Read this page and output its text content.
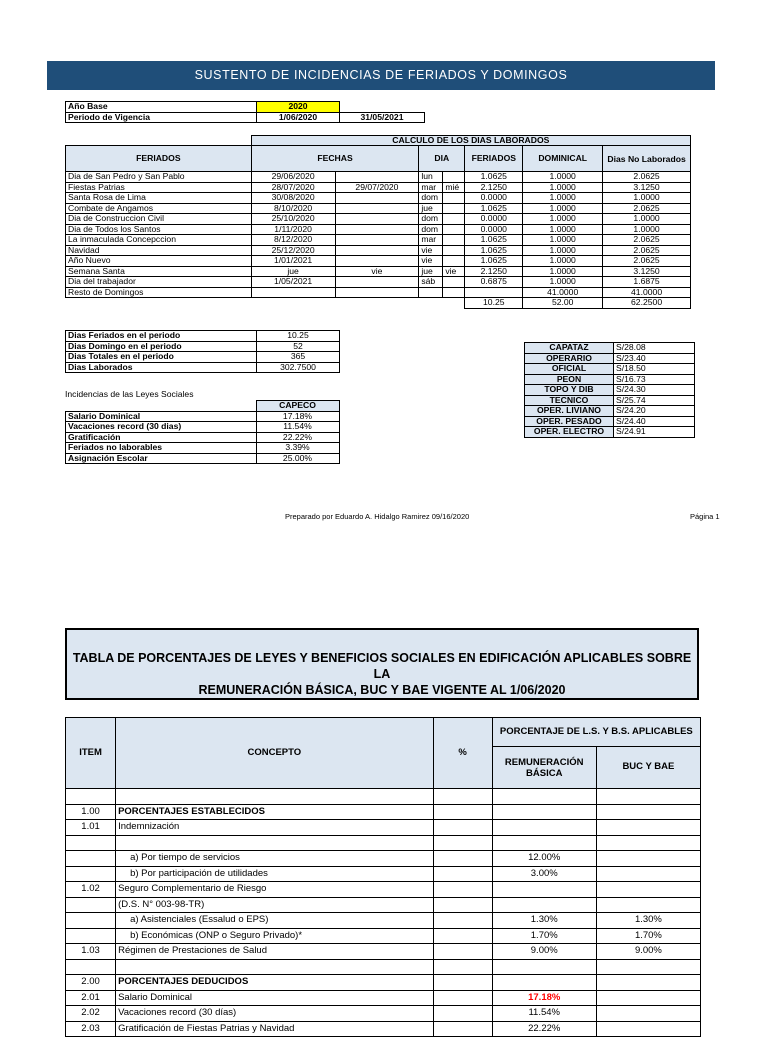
SUSTENTO DE INCIDENCIAS DE FERIADOS Y DOMINGOS
Año Base	2020	
Periodo de Vigencia	1/06/2020	31/05/2021

	CALCULO DE LOS DIAS LABORADOS						
FERIADOS	FECHAS		DIA		FERIADOS	DOMINICAL	Dias No Laborados
Dia de San Pedro y San Pablo	29/06/2020		lun		1.0625	1.0000	2.0625
Fiestas Patrias	28/07/2020	29/07/2020	mar	mié	2.1250	1.0000	3.1250
Santa Rosa de Lima	30/08/2020		dom		0.0000	1.0000	1.0000
Combate de Angamos	8/10/2020		jue		1.0625	1.0000	2.0625
Dia de Construccion Civil	25/10/2020		dom		0.0000	1.0000	1.0000
Dia de Todos los Santos	1/11/2020		dom		0.0000	1.0000	1.0000
La inmaculada Concepccion	8/12/2020		mar		1.0625	1.0000	2.0625
Navidad	25/12/2020		vie		1.0625	1.0000	2.0625
Año Nuevo	1/01/2021		vie		1.0625	1.0000	2.0625
Semana Santa	jue	vie	jue	vie	2.1250	1.0000	3.1250
Dia del trabajador	1/05/2021		sáb		0.6875	1.0000	1.6875
Resto de Domingos						41.0000	41.0000
					10.25	52.00	62.2500
Dias Feriados en el periodo	10.25
Dias Domingo en el periodo	52
Dias Totales en el periodo	365
Dias Laborados	302.7500
Incidencias de las Leyes Sociales
	CAPECO
Salario Dominical	17.18%
Vacaciones record (30 dias)	11.54%
Gratificación	22.22%
Feriados no laborables	3.39%
Asignación Escolar	25.00%
CAPATAZ	S/28.08
OPERARIO	S/23.40
OFICIAL	S/18.50
PEON	S/16.73
TOPO Y DIB	S/24.30
TECNICO	S/25.74
OPER. LIVIANO	S/24.20
OPER. PESADO	S/24.40
OPER. ELECTRO	S/24.91
Preparado por Eduardo A. Hidalgo Ramirez 09/16/2020	Página 1
TABLA DE PORCENTAJES DE LEYES Y BENEFICIOS SOCIALES EN EDIFICACIÓN APLICABLES SOBRE LA
REMUNERACIÓN BÁSICA, BUC Y BAE VIGENTE AL 1/06/2020
ITEM	CONCEPTO	%	PORCENTAJE DE L.S. Y B.S. APLICABLES	
			REMUNERACIÓN BÁSICA	BUC Y BAE

1.00	PORCENTAJES ESTABLECIDOS			
1.01	Indemnización			

	a) Por tiempo de servicios		12.00%	
	b) Por participación de utilidades		3.00%	
1.02	Seguro Complementario de Riesgo			
	(D.S. N° 003-98-TR)			
	a) Asistenciales (Essalud o EPS)		1.30%	1.30%
	b) Económicas (ONP o Seguro Privado)*		1.70%	1.70%
1.03	Régimen de Prestaciones de Salud		9.00%	9.00%

2.00	PORCENTAJES DEDUCIDOS			
2.01	Salario Dominical		17.18%	
2.02	Vacaciones record (30 días)		11.54%	
2.03	Gratificación de Fiestas Patrias y Navidad		22.22%	
